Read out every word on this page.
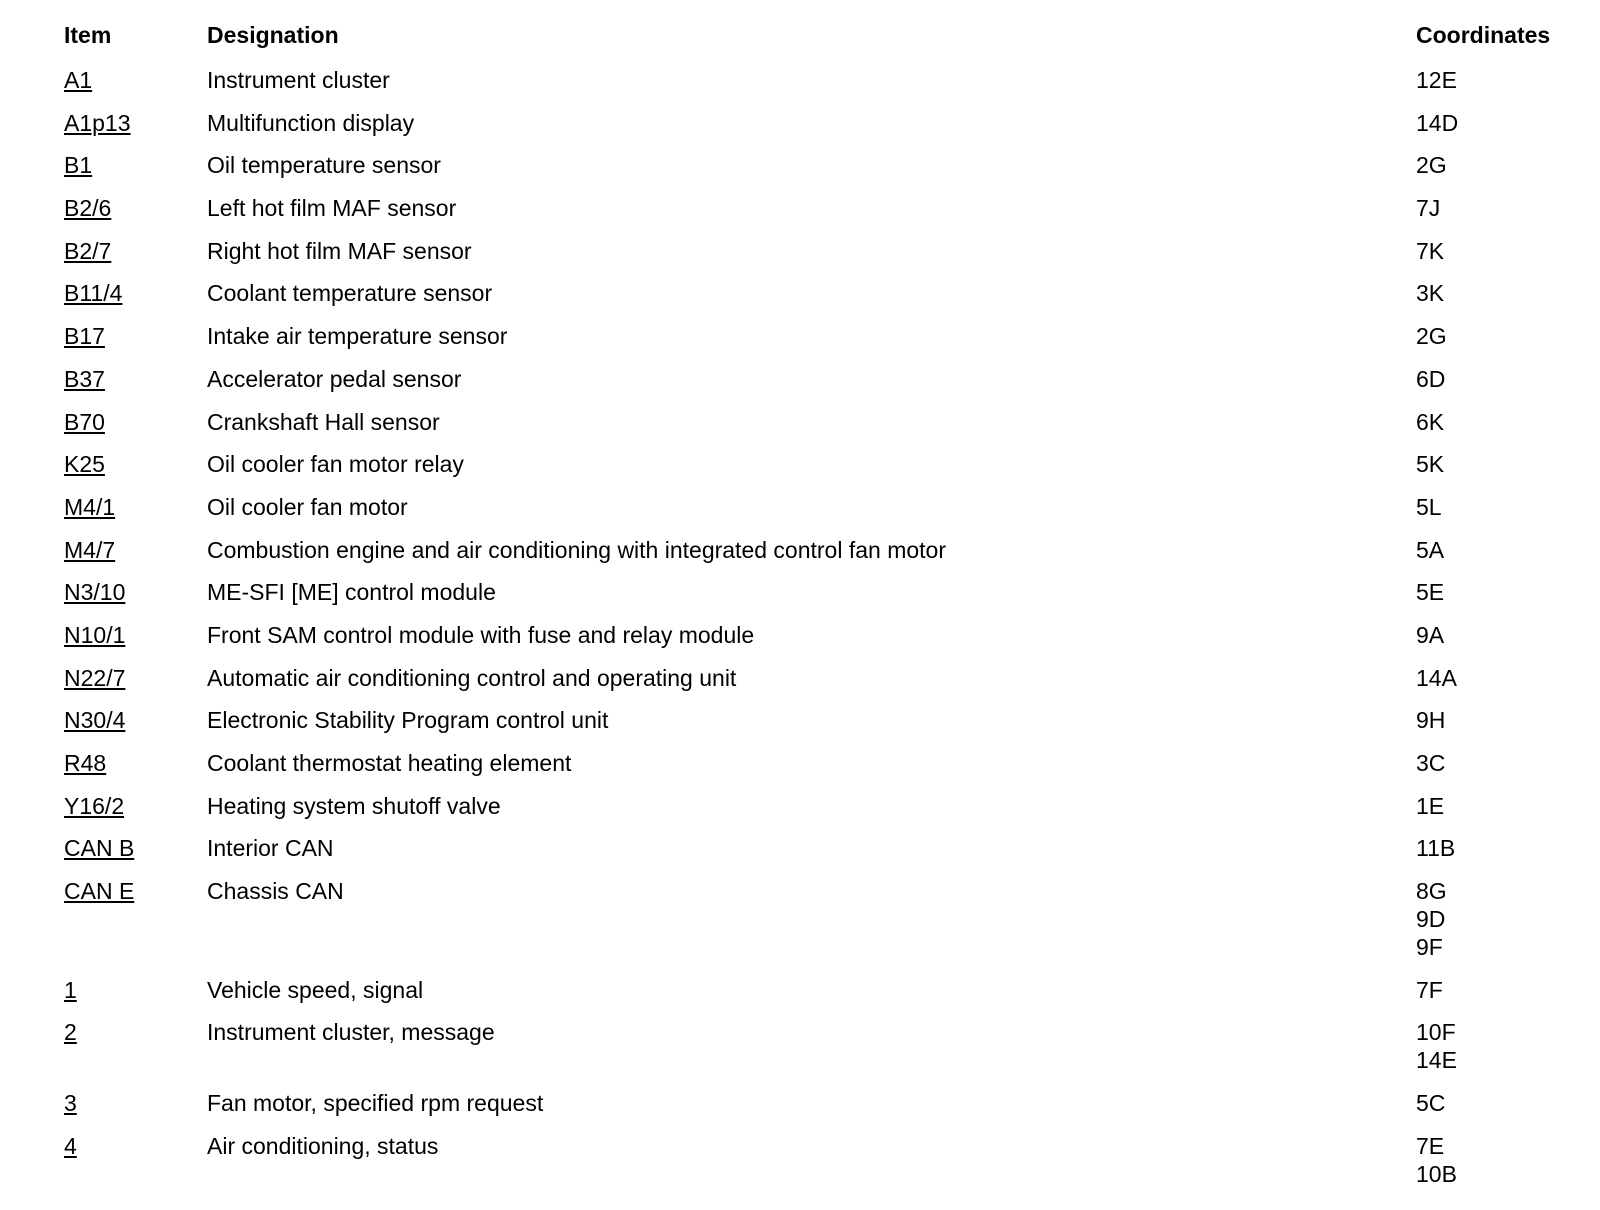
Item	Designation	Coordinates
A1	Instrument cluster	12E
A1p13	Multifunction display	14D
B1	Oil temperature sensor	2G
B2/6	Left hot film MAF sensor	7J
B2/7	Right hot film MAF sensor	7K
B11/4	Coolant temperature sensor	3K
B17	Intake air temperature sensor	2G
B37	Accelerator pedal sensor	6D
B70	Crankshaft Hall sensor	6K
K25	Oil cooler fan motor relay	5K
M4/1	Oil cooler fan motor	5L
M4/7	Combustion engine and air conditioning with integrated control fan motor	5A
N3/10	ME-SFI [ME] control module	5E
N10/1	Front SAM control module with fuse and relay module	9A
N22/7	Automatic air conditioning control and operating unit	14A
N30/4	Electronic Stability Program control unit	9H
R48	Coolant thermostat heating element	3C
Y16/2	Heating system shutoff valve	1E
CAN B	Interior CAN	11B
CAN E	Chassis CAN	8G
9D
9F
1	Vehicle speed, signal	7F
2	Instrument cluster, message	10F
14E
3	Fan motor, specified rpm request	5C
4	Air conditioning, status	7E
10B
